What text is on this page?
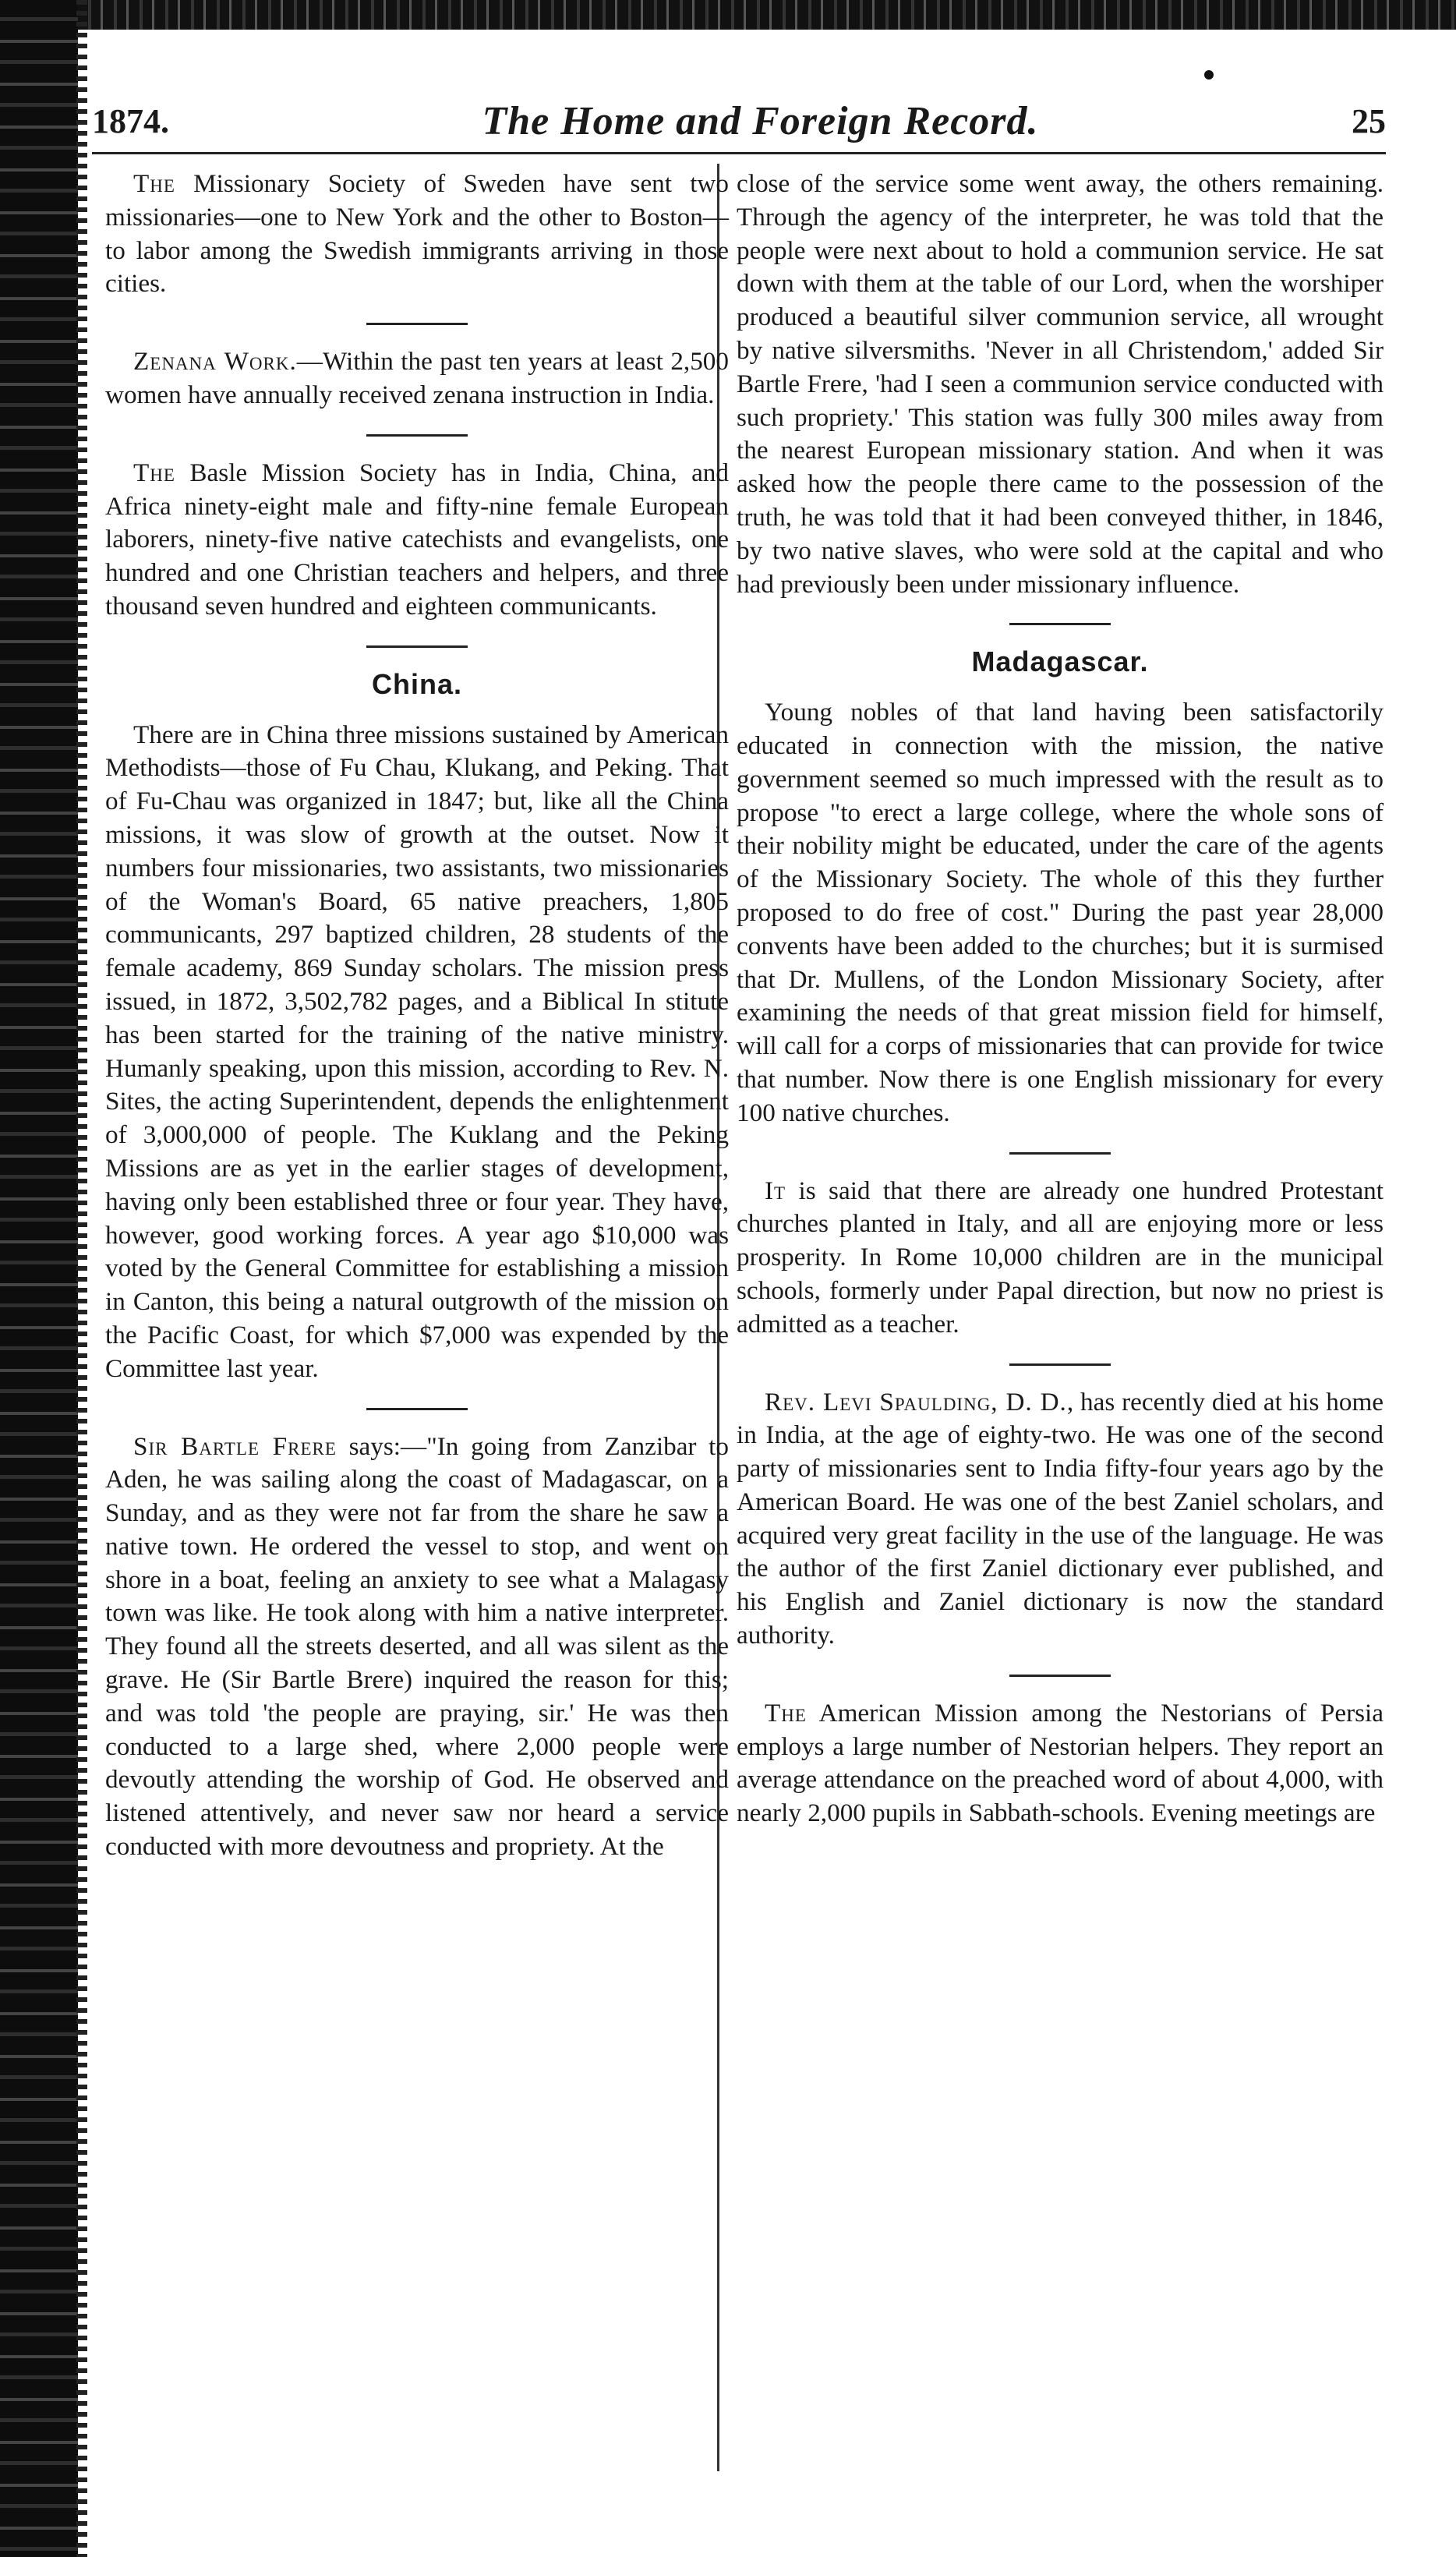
1874.	The Home and Foreign Record.	25

The Missionary Society of Sweden have sent two missionaries—one to New York and the other to Boston—to labor among the Swedish immigrants arriving in those cities.

Zenana Work.—Within the past ten years at least 2,500 women have annually received zenana instruction in India.

The Basle Mission Society has in India, China, and Africa ninety-eight male and fifty-nine female European laborers, ninety-five native catechists and evangelists, one hundred and one Christian teachers and helpers, and three thousand seven hundred and eighteen communicants.

China.

There are in China three missions sustained by American Methodists—those of Fu Chau, Klukang, and Peking. That of Fu-Chau was organized in 1847; but, like all the China missions, it was slow of growth at the outset. Now it numbers four missionaries, two assistants, two missionaries of the Woman's Board, 65 native preachers, 1,805 communicants, 297 baptized children, 28 students of the female academy, 869 Sunday scholars. The mission press issued, in 1872, 3,502,782 pages, and a Biblical In stitute has been started for the training of the native ministry. Humanly speaking, upon this mission, according to Rev. N. Sites, the acting Superintendent, depends the enlightenment of 3,000,000 of people. The Kuklang and the Peking Missions are as yet in the earlier stages of development, having only been established three or four year. They have, however, good working forces. A year ago $10,000 was voted by the General Committee for establishing a mission in Canton, this being a natural outgrowth of the mission on the Pacific Coast, for which $7,000 was expended by the Committee last year.

Sir Bartle Frere says:—"In going from Zanzibar to Aden, he was sailing along the coast of Madagascar, on a Sunday, and as they were not far from the share he saw a native town. He ordered the vessel to stop, and went on shore in a boat, feeling an anxiety to see what a Malagasy town was like. He took along with him a native interpreter. They found all the streets deserted, and all was silent as the grave. He (Sir Bartle Brere) inquired the reason for this; and was told 'the people are praying, sir.' He was then conducted to a large shed, where 2,000 people were devoutly attending the worship of God. He observed and listened attentively, and never saw nor heard a service conducted with more devoutness and propriety. At the

close of the service some went away, the others remaining. Through the agency of the interpreter, he was told that the people were next about to hold a communion service. He sat down with them at the table of our Lord, when the worshiper produced a beautiful silver communion service, all wrought by native silversmiths. 'Never in all Christendom,' added Sir Bartle Frere, 'had I seen a communion service conducted with such propriety.' This station was fully 300 miles away from the nearest European missionary station. And when it was asked how the people there came to the possession of the truth, he was told that it had been conveyed thither, in 1846, by two native slaves, who were sold at the capital and who had previously been under missionary influence.

Madagascar.

Young nobles of that land having been satisfactorily educated in connection with the mission, the native government seemed so much impressed with the result as to propose "to erect a large college, where the whole sons of their nobility might be educated, under the care of the agents of the Missionary Society. The whole of this they further proposed to do free of cost." During the past year 28,000 convents have been added to the churches; but it is surmised that Dr. Mullens, of the London Missionary Society, after examining the needs of that great mission field for himself, will call for a corps of missionaries that can provide for twice that number. Now there is one English missionary for every 100 native churches.

It is said that there are already one hundred Protestant churches planted in Italy, and all are enjoying more or less prosperity. In Rome 10,000 children are in the municipal schools, formerly under Papal direction, but now no priest is admitted as a teacher.

Rev. Levi Spaulding, D. D., has recently died at his home in India, at the age of eighty-two. He was one of the second party of missionaries sent to India fifty-four years ago by the American Board. He was one of the best Zaniel scholars, and acquired very great facility in the use of the language. He was the author of the first Zaniel dictionary ever published, and his English and Zaniel dictionary is now the standard authority.

The American Mission among the Nestorians of Persia employs a large number of Nestorian helpers. They report an average attendance on the preached word of about 4,000, with nearly 2,000 pupils in Sabbath-schools. Evening meetings are
